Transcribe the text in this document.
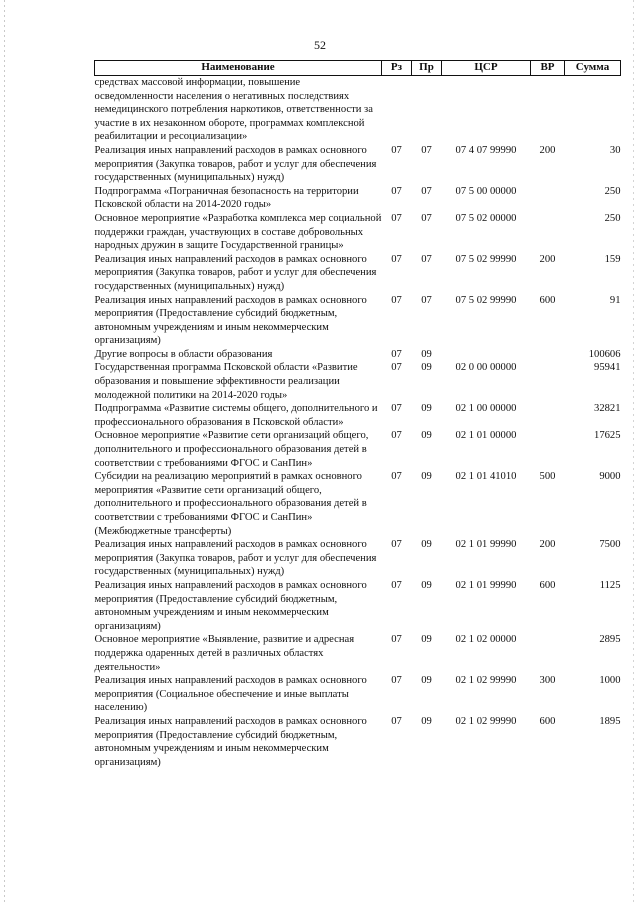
52
Наименование	Рз	Пр	ЦСР	ВР	Сумма
средствах массовой информации, повышение осведомленности населения о негативных последствиях немедицинского потребления наркотиков, ответственности за участие в их незаконном обороте, программах комплексной реабилитации и ресоциализации»					
Реализация иных направлений расходов в рамках основного мероприятия (Закупка товаров, работ и услуг для обеспечения государственных (муниципальных) нужд)	07	07	07 4 07 99990	200	30
Подпрограмма «Пограничная безопасность на территории Псковской области на 2014-2020 годы»	07	07	07 5 00 00000		250
Основное мероприятие «Разработка комплекса мер социальной поддержки граждан, участвующих в составе добровольных народных дружин в защите Государственной границы»	07	07	07 5 02 00000		250
Реализация иных направлений расходов в рамках основного мероприятия (Закупка товаров, работ и услуг для обеспечения государственных (муниципальных) нужд)	07	07	07 5 02 99990	200	159
Реализация иных направлений расходов в рамках основного мероприятия (Предоставление субсидий бюджетным, автономным учреждениям и иным некоммерческим организациям)	07	07	07 5 02 99990	600	91
Другие вопросы в области образования	07	09			100606
Государственная программа Псковской области «Развитие образования и повышение эффективности реализации молодежной политики на 2014-2020 годы»	07	09	02 0 00 00000		95941
Подпрограмма «Развитие системы общего, дополнительного и профессионального образования в Псковской области»	07	09	02 1 00 00000		32821
Основное мероприятие «Развитие сети организаций общего, дополнительного и профессионального образования детей в соответствии с требованиями ФГОС и СанПин»	07	09	02 1 01 00000		17625
Субсидии на реализацию мероприятий в рамках основного мероприятия «Развитие сети организаций общего, дополнительного и профессионального образования детей в соответствии с требованиями ФГОС и СанПин» (Межбюджетные трансферты)	07	09	02 1 01 41010	500	9000
Реализация иных направлений расходов в рамках основного мероприятия (Закупка товаров, работ и услуг для обеспечения государственных (муниципальных) нужд)	07	09	02 1 01 99990	200	7500
Реализация иных направлений расходов в рамках основного мероприятия (Предоставление субсидий бюджетным, автономным учреждениям и иным некоммерческим организациям)	07	09	02 1 01 99990	600	1125
Основное мероприятие «Выявление, развитие и адресная поддержка одаренных детей в различных областях деятельности»	07	09	02 1 02 00000		2895
Реализация иных направлений расходов в рамках основного мероприятия (Социальное обеспечение и иные выплаты населению)	07	09	02 1 02 99990	300	1000
Реализация иных направлений расходов в рамках основного мероприятия (Предоставление субсидий бюджетным, автономным учреждениям и иным некоммерческим организациям)	07	09	02 1 02 99990	600	1895
